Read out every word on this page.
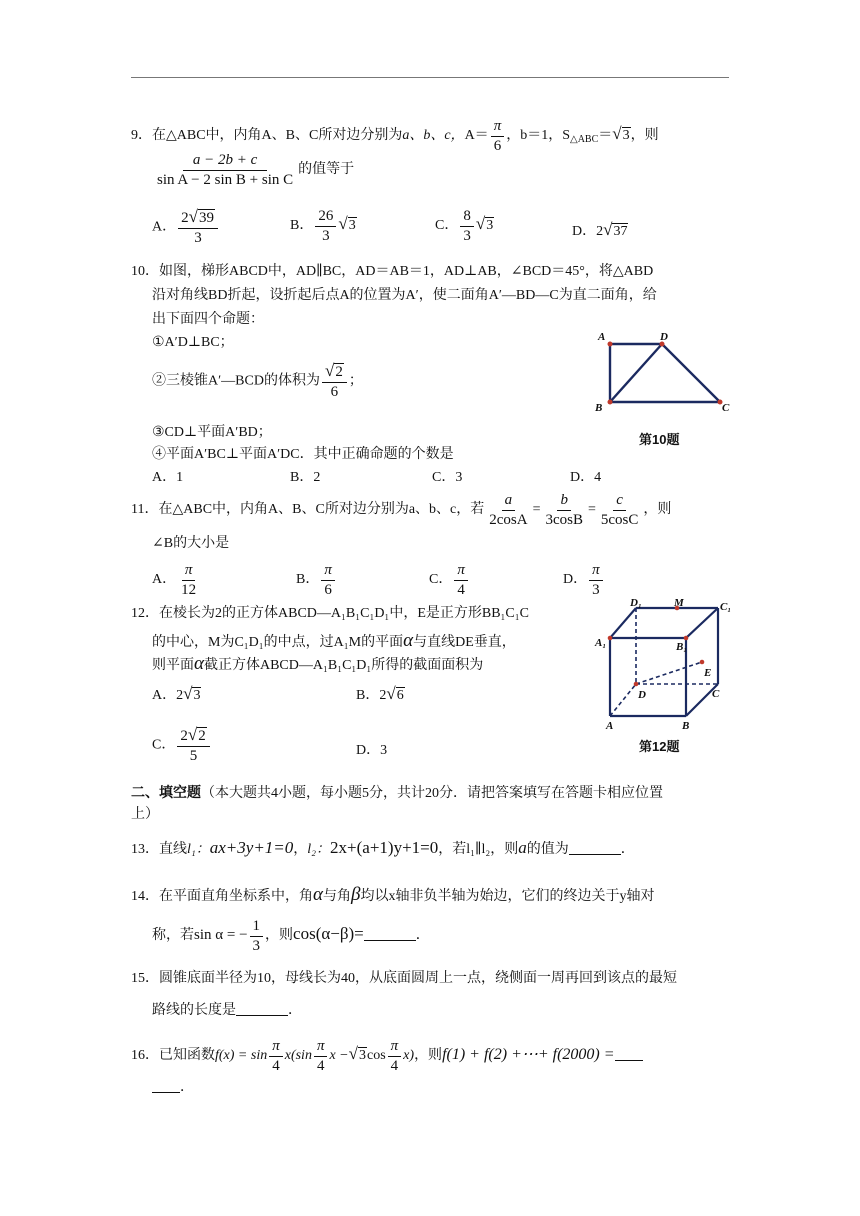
9．在△ABC中，内角A、B、C所对边分别为a、b、c，$A= \frac{\pi}{6}$ ，b＝1，$S_{\triangle ABC}=√3$，则
$\frac{a - 2b + c}{\text{sin A − 2 sin B + sin C}}$ 的值等于
A． $\frac{2√39}{3}$	B． $\frac{26}{3} √3$	C． $\frac{8}{3} √3$	D．2√37
10．如图，梯形ABCD中，AD∥BC，AD＝AB＝1，AD⊥AB，∠BCD＝45°，将△ABD
沿对角线BD折起，设折起后点A的位置为A′，使二面角A′—BD—C为直二面角，给
出下面四个命题：
①A′D⊥BC；
②三棱锥A′—BCD的体积为 $\frac{√2}{6}$ ；
③CD⊥平面A′BD；
④平面A′BC⊥平面A′DC．其中正确命题的个数是
A．1	B．2	C．3	D．4
A	D
B	C
第10题
11．在△ABC中，内角A、B、C所对边分别为a、b、c，若 $\frac{a}{2\cos A} = \frac{b}{3\cos B} = \frac{c}{5\cos C}$ ，则
∠B的大小是
A． $\frac{\pi}{12}$	B． $\frac{\pi}{6}$	C． $\frac{\pi}{4}$	D． $\frac{\pi}{3}$
12．在棱长为2的正方体ABCD—A₁B₁C₁D₁中，E是正方形BB₁C₁C
的中心，M为C₁D₁的中点，过A₁M的平面α与直线DE垂直，
则平面α截正方体ABCD—A₁B₁C₁D₁所得的截面面积为
A．2√3	B．2√6
C． $\frac{2√2}{5}$	D．3
D₁	M	C₁
A₁	B₁
E
D	C
A	B
第12题
二、填空题（本大题共4小题，每小题5分，共计20分．请把答案填写在答题卡相应位置
上）
13．直线l₁：ax+3y+1=0，l₂：2x+(a+1)y+1=0，若l₁∥l₂，则a的值为	．
14．在平面直角坐标系中，角α与角β均以x轴非负半轴为始边，它们的终边关于y轴对
称，若sin α = − $\frac{1}{3}$ ，则cos(α−β)=	．
15．圆锥底面半径为10，母线长为40，从底面圆周上一点，绕侧面一周再回到该点的最短
路线的长度是	．
16．已知函数$f(x) = \sin \frac{\pi}{4} x(\sin \frac{\pi}{4}$ $x -√3\cos \frac{\pi}{4} x$)，则f(1) + f(2) +⋯+ f(2000) =
．
